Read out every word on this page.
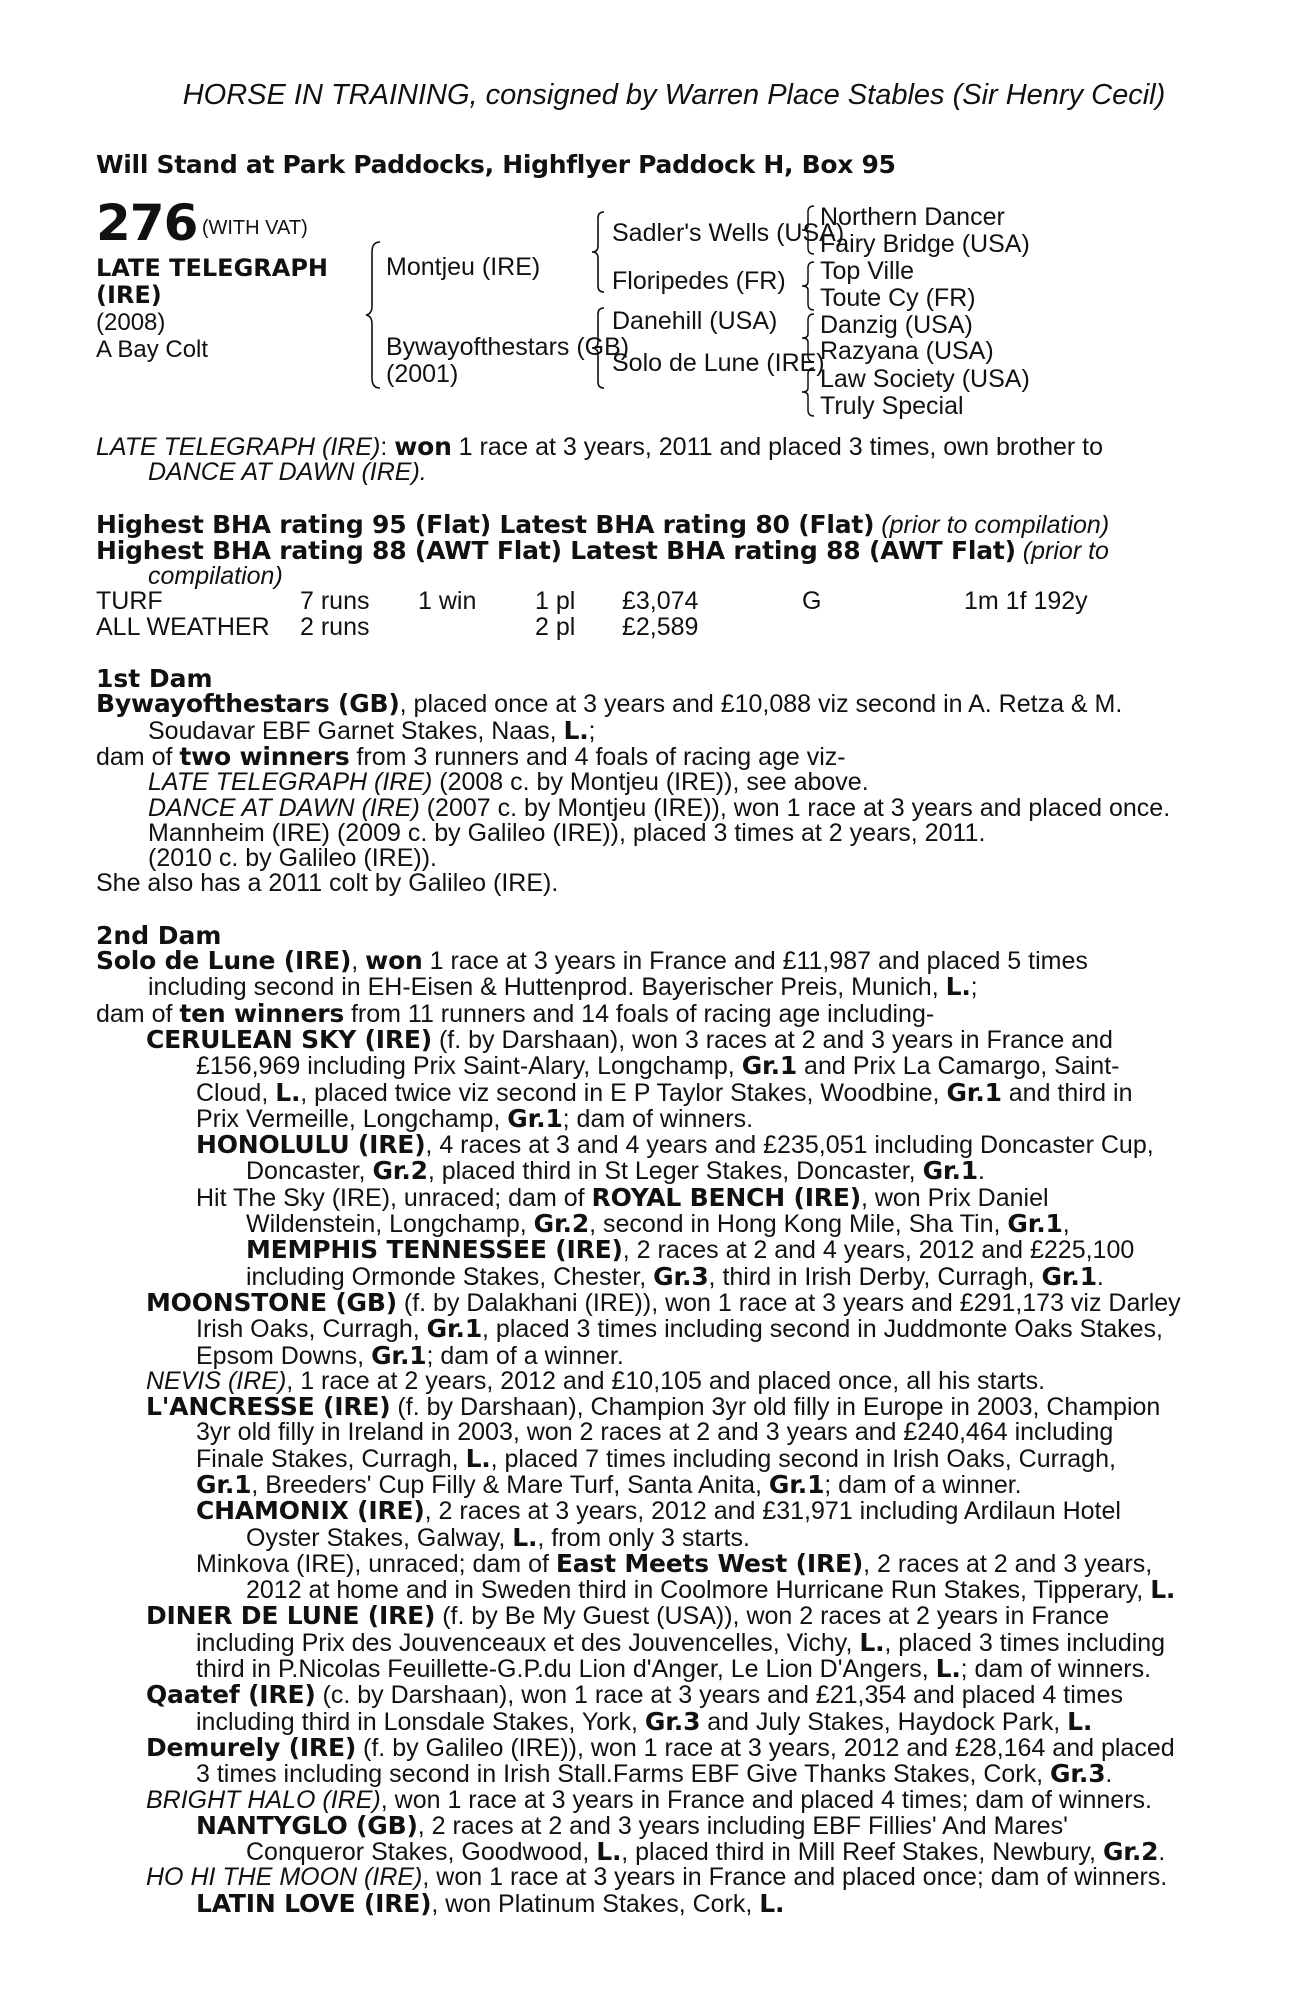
HORSE IN TRAINING, consigned by Warren Place Stables (Sir Henry Cecil)
Will Stand at Park Paddocks, Highflyer Paddock H, Box 95
276 (WITH VAT)
LATE TELEGRAPH
(IRE)
(2008)
A Bay Colt
Montjeu (IRE)
Bywayofthestars (GB)
(2001)
Sadler's Wells (USA)
Floripedes (FR)
Danehill (USA)
Solo de Lune (IRE)
Northern Dancer
Fairy Bridge (USA)
Top Ville
Toute Cy (FR)
Danzig (USA)
Razyana (USA)
Law Society (USA)
Truly Special

LATE TELEGRAPH (IRE): won 1 race at 3 years, 2011 and placed 3 times, own brother to
DANCE AT DAWN (IRE).

Highest BHA rating 95 (Flat) Latest BHA rating 80 (Flat) (prior to compilation)

Highest BHA rating 88 (AWT Flat) Latest BHA rating 88 (AWT Flat) (prior to

compilation)

TURF	7 runs	1 win	1 pl	£3,074	G	1m 1f 192y
ALL WEATHER	2 runs		2 pl	£2,589		

1st Dam

Bywayofthestars (GB), placed once at 3 years and £10,088 viz second in A. Retza & M.
Soudavar EBF Garnet Stakes, Naas, L.;

dam of two winners from 3 runners and 4 foals of racing age viz-

LATE TELEGRAPH (IRE) (2008 c. by Montjeu (IRE)), see above.

DANCE AT DAWN (IRE) (2007 c. by Montjeu (IRE)), won 1 race at 3 years and placed once.

Mannheim (IRE) (2009 c. by Galileo (IRE)), placed 3 times at 2 years, 2011.

(2010 c. by Galileo (IRE)).

She also has a 2011 colt by Galileo (IRE).

2nd Dam

Solo de Lune (IRE), won 1 race at 3 years in France and £11,987 and placed 5 times
including second in EH-Eisen & Huttenprod. Bayerischer Preis, Munich, L.;

dam of ten winners from 11 runners and 14 foals of racing age including-

CERULEAN SKY (IRE) (f. by Darshaan), won 3 races at 2 and 3 years in France and
£156,969 including Prix Saint-Alary, Longchamp, Gr.1 and Prix La Camargo, Saint-
Cloud, L., placed twice viz second in E P Taylor Stakes, Woodbine, Gr.1 and third in
Prix Vermeille, Longchamp, Gr.1; dam of winners.

HONOLULU (IRE), 4 races at 3 and 4 years and £235,051 including Doncaster Cup,
Doncaster, Gr.2, placed third in St Leger Stakes, Doncaster, Gr.1.

Hit The Sky (IRE), unraced; dam of ROYAL BENCH (IRE), won Prix Daniel
Wildenstein, Longchamp, Gr.2, second in Hong Kong Mile, Sha Tin, Gr.1,
MEMPHIS TENNESSEE (IRE), 2 races at 2 and 4 years, 2012 and £225,100
including Ormonde Stakes, Chester, Gr.3, third in Irish Derby, Curragh, Gr.1.

MOONSTONE (GB) (f. by Dalakhani (IRE)), won 1 race at 3 years and £291,173 viz Darley
Irish Oaks, Curragh, Gr.1, placed 3 times including second in Juddmonte Oaks Stakes,
Epsom Downs, Gr.1; dam of a winner.

NEVIS (IRE), 1 race at 2 years, 2012 and £10,105 and placed once, all his starts.

L'ANCRESSE (IRE) (f. by Darshaan), Champion 3yr old filly in Europe in 2003, Champion
3yr old filly in Ireland in 2003, won 2 races at 2 and 3 years and £240,464 including
Finale Stakes, Curragh, L., placed 7 times including second in Irish Oaks, Curragh,
Gr.1, Breeders' Cup Filly & Mare Turf, Santa Anita, Gr.1; dam of a winner.

CHAMONIX (IRE), 2 races at 3 years, 2012 and £31,971 including Ardilaun Hotel
Oyster Stakes, Galway, L., from only 3 starts.

Minkova (IRE), unraced; dam of East Meets West (IRE), 2 races at 2 and 3 years,
2012 at home and in Sweden third in Coolmore Hurricane Run Stakes, Tipperary, L.

DINER DE LUNE (IRE) (f. by Be My Guest (USA)), won 2 races at 2 years in France
including Prix des Jouvenceaux et des Jouvencelles, Vichy, L., placed 3 times including
third in P.Nicolas Feuillette-G.P.du Lion d'Anger, Le Lion D'Angers, L.; dam of winners.

Qaatef (IRE) (c. by Darshaan), won 1 race at 3 years and £21,354 and placed 4 times
including third in Lonsdale Stakes, York, Gr.3 and July Stakes, Haydock Park, L.

Demurely (IRE) (f. by Galileo (IRE)), won 1 race at 3 years, 2012 and £28,164 and placed
3 times including second in Irish Stall.Farms EBF Give Thanks Stakes, Cork, Gr.3.

BRIGHT HALO (IRE), won 1 race at 3 years in France and placed 4 times; dam of winners.

NANTYGLO (GB), 2 races at 2 and 3 years including EBF Fillies' And Mares'
Conqueror Stakes, Goodwood, L., placed third in Mill Reef Stakes, Newbury, Gr.2.

HO HI THE MOON (IRE), won 1 race at 3 years in France and placed once; dam of winners.

LATIN LOVE (IRE), won Platinum Stakes, Cork, L.
